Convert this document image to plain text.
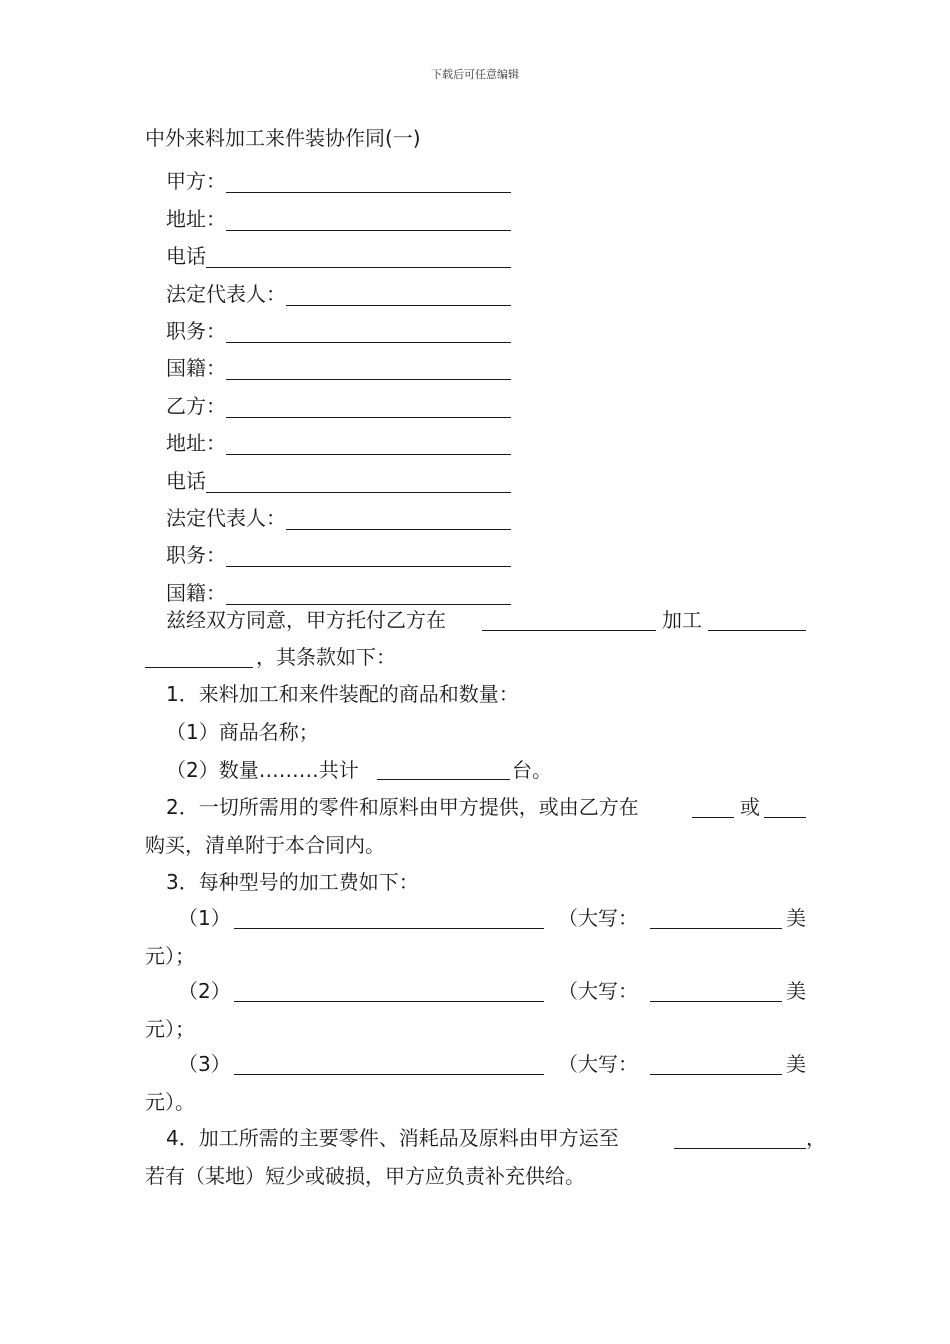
下载后可任意编辑
中外来料加工来件装协作同(一)
甲方：
地址：
电话
法定代表人：
职务：
国籍：
乙方：
地址：
电话
法定代表人：
职务：
国籍：
兹经双方同意，甲方托付乙方在	加工
，其条款如下：
1．来料加工和来件装配的商品和数量：
（1）商品名称；
（2）数量………共计	台。
2．一切所需用的零件和原料由甲方提供，或由乙方在	或
购买，清单附于本合同内。
3．每种型号的加工费如下：
（1）	（大写：	美
元）；
（2）	（大写：	美
元）；
（3）	（大写：	美
元）。
4．加工所需的主要零件、消耗品及原料由甲方运至	，
若有（某地）短少或破损，甲方应负责补充供给。
